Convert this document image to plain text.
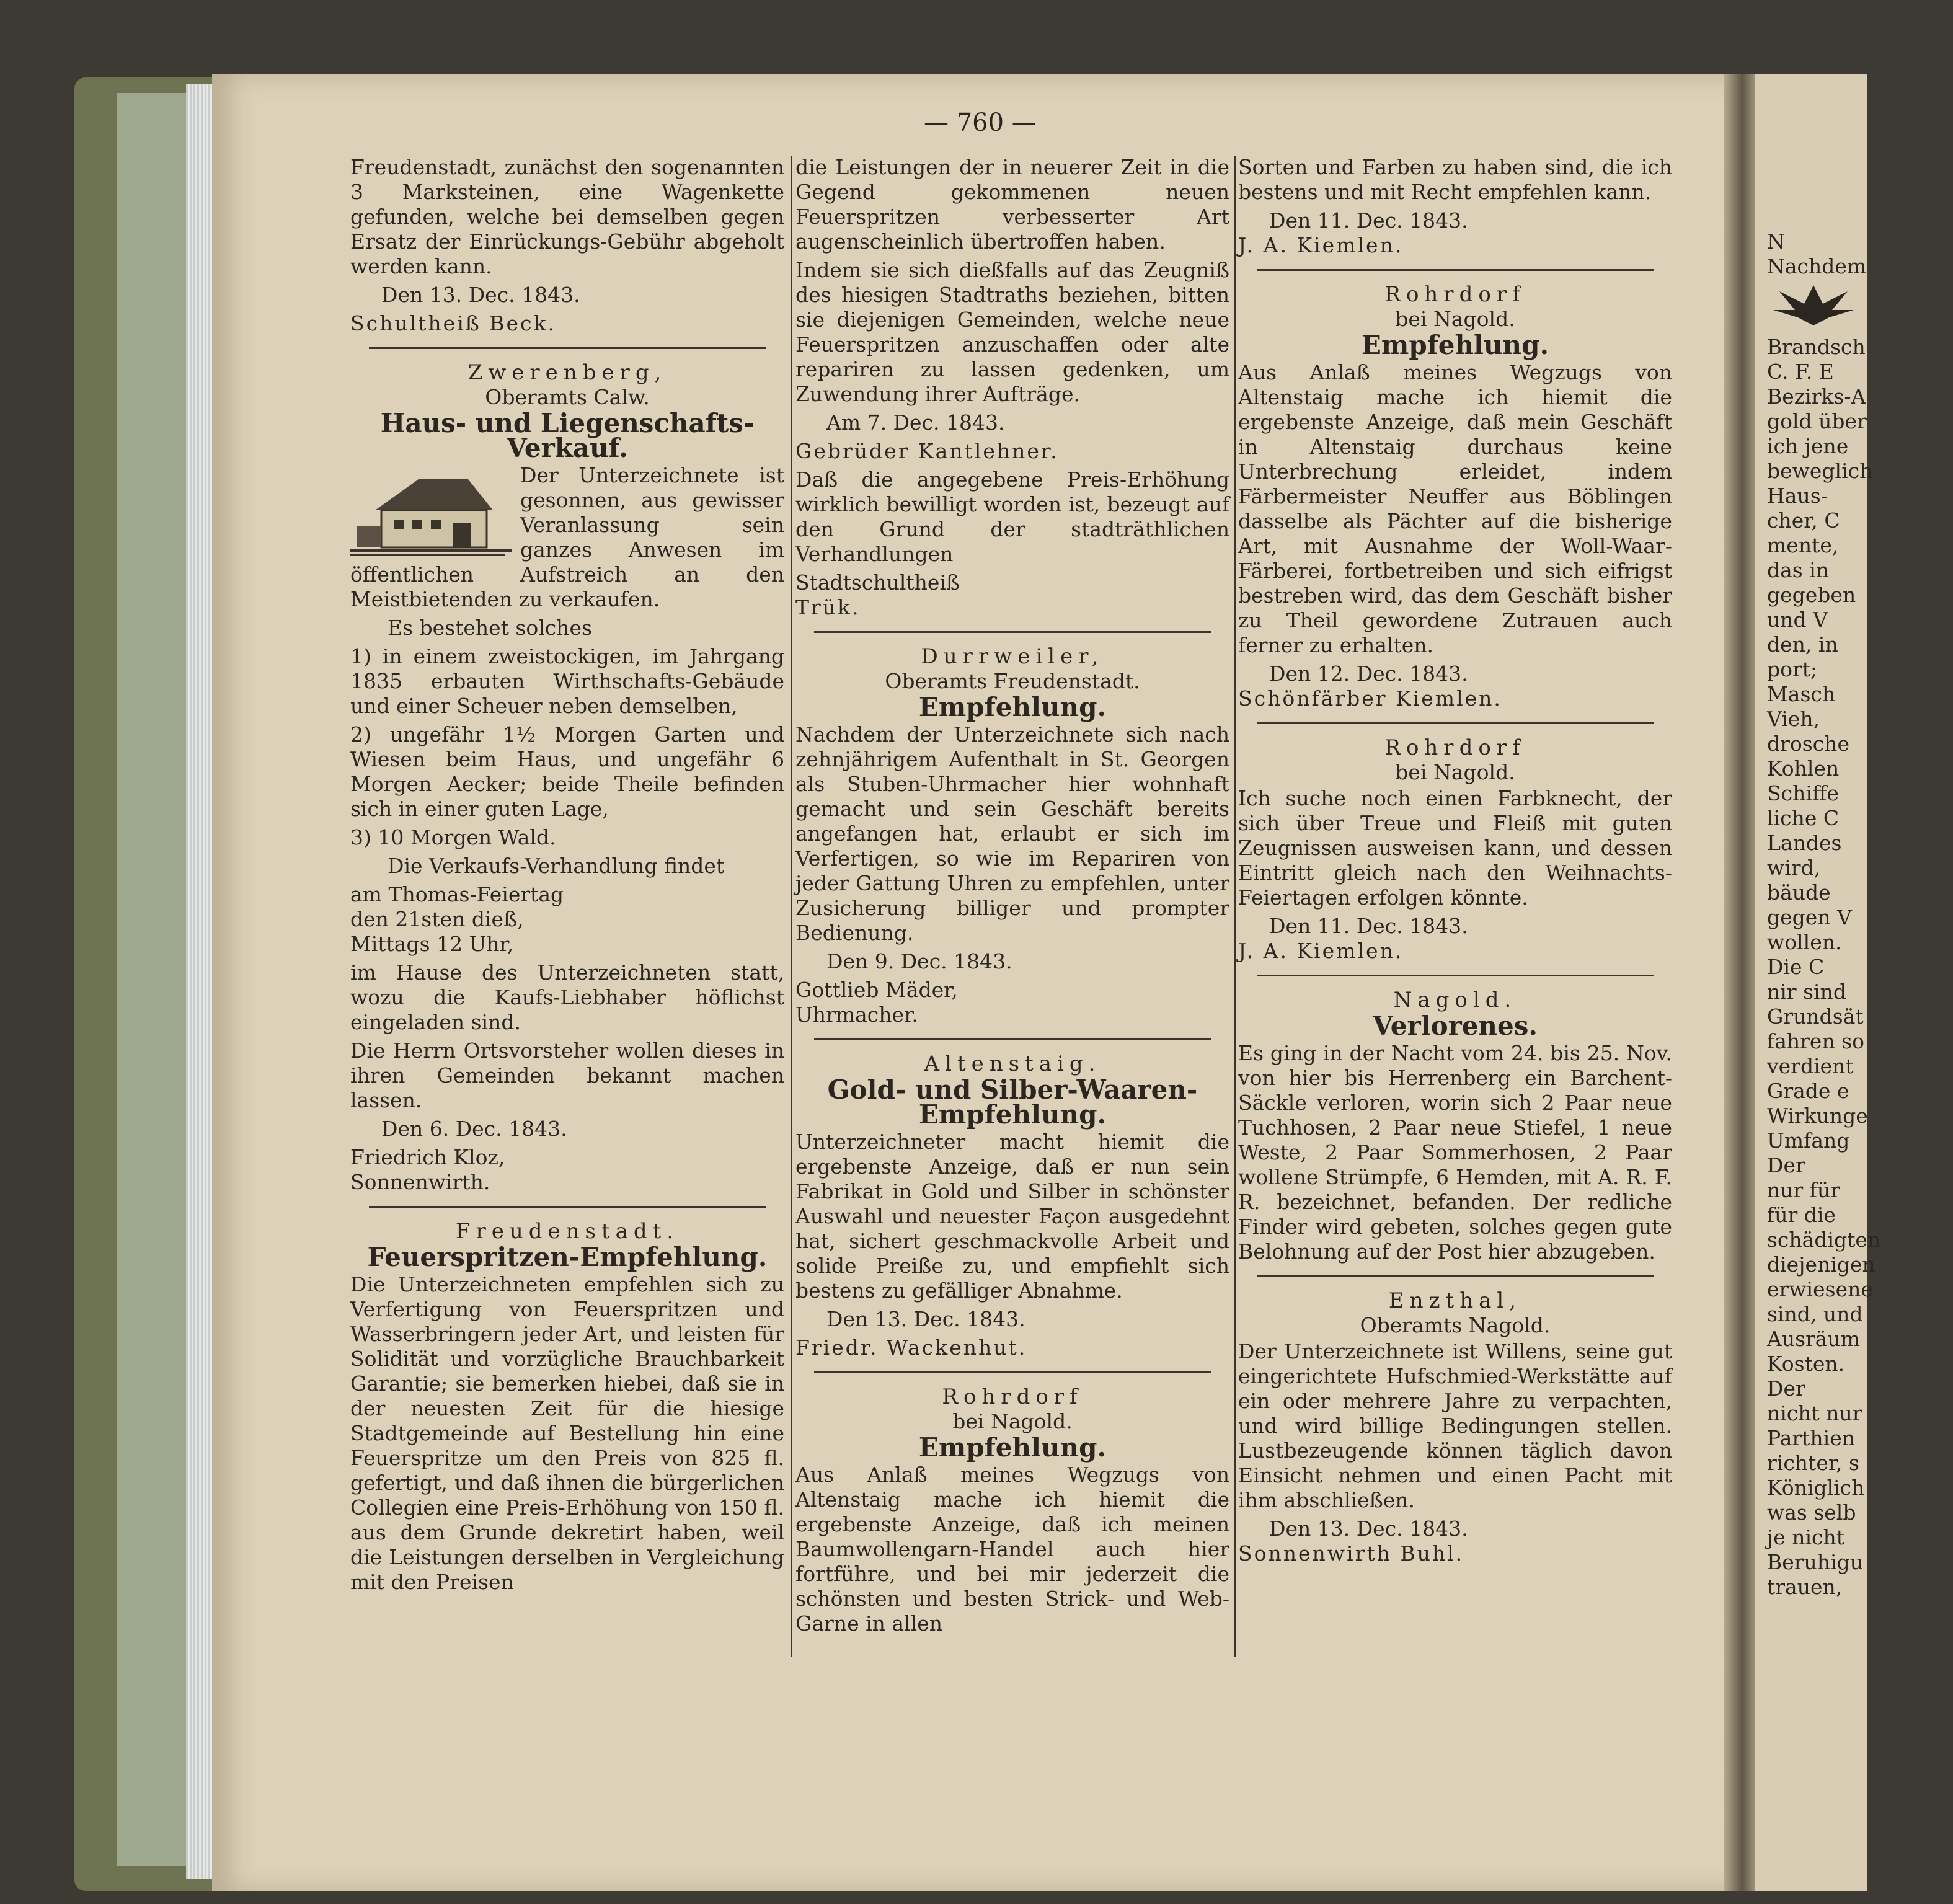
N
Nachdem
Brandsch
C. F. E
Bezirks-A
gold über
ich jene
beweglich
Haus-
cher, C
mente,
das in
gegeben
und V
den, in
port;
Masch
Vieh,
drosche
Kohlen
Schiffe
liche C
Landes
wird,
bäude
gegen V
wollen.
Die C
nir sind
Grundsät
fahren so
verdient
Grade e
Wirkunge
Umfang
Der
nur für
für die
schädigten
diejenigen
erwiesene
sind, und
Ausräum
Kosten.
Der
nicht nur
Parthien
richter, s
Königlich
was selb
je nicht
Beruhigu
trauen,
— 760 —

Freudenstadt, zunächst den sogenannten 3 Marksteinen, eine Wagenkette gefunden, welche bei demselben gegen Ersatz der Einrückungs-Gebühr abgeholt werden kann.

Den 13. Dec. 1843.

Schultheiß Beck.

Zwerenberg,
Oberamts Calw.
Haus- und Liegenschafts-Verkauf.

Der Unterzeichnete ist gesonnen, aus gewisser Veranlassung sein ganzes Anwesen im öffentlichen Aufstreich an den Meistbietenden zu verkaufen.

Es bestehet solches

1) in einem zweistockigen, im Jahrgang 1835 erbauten Wirthschafts-Gebäude und einer Scheuer neben demselben,

2) ungefähr 1½ Morgen Garten und Wiesen beim Haus, und ungefähr 6 Morgen Aecker; beide Theile befinden sich in einer guten Lage,

3) 10 Morgen Wald.

Die Verkaufs-Verhandlung findet

am Thomas-Feiertag

den 21sten dieß,

Mittags 12 Uhr,

im Hause des Unterzeichneten statt, wozu die Kaufs-Liebhaber höflichst eingeladen sind.

Die Herrn Ortsvorsteher wollen dieses in ihren Gemeinden bekannt machen lassen.

Den 6. Dec. 1843.

Friedrich Kloz,

Sonnenwirth.

Freudenstadt.
Feuerspritzen-Empfehlung.

Die Unterzeichneten empfehlen sich zu Verfertigung von Feuerspritzen und Wasserbringern jeder Art, und leisten für Solidität und vorzügliche Brauchbarkeit Garantie; sie bemerken hiebei, daß sie in der neuesten Zeit für die hiesige Stadtgemeinde auf Bestellung hin eine Feuerspritze um den Preis von 825 fl. gefertigt, und daß ihnen die bürgerlichen Collegien eine Preis-Erhöhung von 150 fl. aus dem Grunde dekretirt haben, weil die Leistungen derselben in Vergleichung mit den Preisen

die Leistungen der in neuerer Zeit in die Gegend gekommenen neuen Feuerspritzen verbesserter Art augenscheinlich übertroffen haben.

Indem sie sich dießfalls auf das Zeugniß des hiesigen Stadtraths beziehen, bitten sie diejenigen Gemeinden, welche neue Feuerspritzen anzuschaffen oder alte repariren zu lassen gedenken, um Zuwendung ihrer Aufträge.

Am 7. Dec. 1843.

Gebrüder Kantlehner.

Daß die angegebene Preis-Erhöhung wirklich bewilligt worden ist, bezeugt auf den Grund der stadträthlichen Verhandlungen

Stadtschultheiß

Trük.

Durrweiler,
Oberamts Freudenstadt.
Empfehlung.

Nachdem der Unterzeichnete sich nach zehnjährigem Aufenthalt in St. Georgen als Stuben-Uhrmacher hier wohnhaft gemacht und sein Geschäft bereits angefangen hat, erlaubt er sich im Verfertigen, so wie im Repariren von jeder Gattung Uhren zu empfehlen, unter Zusicherung billiger und prompter Bedienung.

Den 9. Dec. 1843.

Gottlieb Mäder,

Uhrmacher.

Altenstaig.
Gold- und Silber-Waaren-Empfehlung.

Unterzeichneter macht hiemit die ergebenste Anzeige, daß er nun sein Fabrikat in Gold und Silber in schönster Auswahl und neuester Façon ausgedehnt hat, sichert geschmackvolle Arbeit und solide Preiße zu, und empfiehlt sich bestens zu gefälliger Abnahme.

Den 13. Dec. 1843.

Friedr. Wackenhut.

Rohrdorf
bei Nagold.
Empfehlung.

Aus Anlaß meines Wegzugs von Altenstaig mache ich hiemit die ergebenste Anzeige, daß ich meinen Baumwollengarn-Handel auch hier fortführe, und bei mir jederzeit die schönsten und besten Strick- und Web-Garne in allen

Sorten und Farben zu haben sind, die ich bestens und mit Recht empfehlen kann.

Den 11. Dec. 1843.

J. A. Kiemlen.

Rohrdorf
bei Nagold.
Empfehlung.

Aus Anlaß meines Wegzugs von Altenstaig mache ich hiemit die ergebenste Anzeige, daß mein Geschäft in Altenstaig durchaus keine Unterbrechung erleidet, indem Färbermeister Neuffer aus Böblingen dasselbe als Pächter auf die bisherige Art, mit Ausnahme der Woll-Waar-Färberei, fortbetreiben und sich eifrigst bestreben wird, das dem Geschäft bisher zu Theil gewordene Zutrauen auch ferner zu erhalten.

Den 12. Dec. 1843.

Schönfärber Kiemlen.

Rohrdorf
bei Nagold.

Ich suche noch einen Farbknecht, der sich über Treue und Fleiß mit guten Zeugnissen ausweisen kann, und dessen Eintritt gleich nach den Weihnachts-Feiertagen erfolgen könnte.

Den 11. Dec. 1843.

J. A. Kiemlen.

Nagold.
Verlorenes.

Es ging in der Nacht vom 24. bis 25. Nov. von hier bis Herrenberg ein Barchent-Säckle verloren, worin sich 2 Paar neue Tuchhosen, 2 Paar neue Stiefel, 1 neue Weste, 2 Paar Sommerhosen, 2 Paar wollene Strümpfe, 6 Hemden, mit A. R. F. R. bezeichnet, befanden. Der redliche Finder wird gebeten, solches gegen gute Belohnung auf der Post hier abzugeben.

Enzthal,
Oberamts Nagold.

Der Unterzeichnete ist Willens, seine gut eingerichtete Hufschmied-Werkstätte auf ein oder mehrere Jahre zu verpachten, und wird billige Bedingungen stellen. Lustbezeugende können täglich davon Einsicht nehmen und einen Pacht mit ihm abschließen.

Den 13. Dec. 1843.

Sonnenwirth Buhl.
